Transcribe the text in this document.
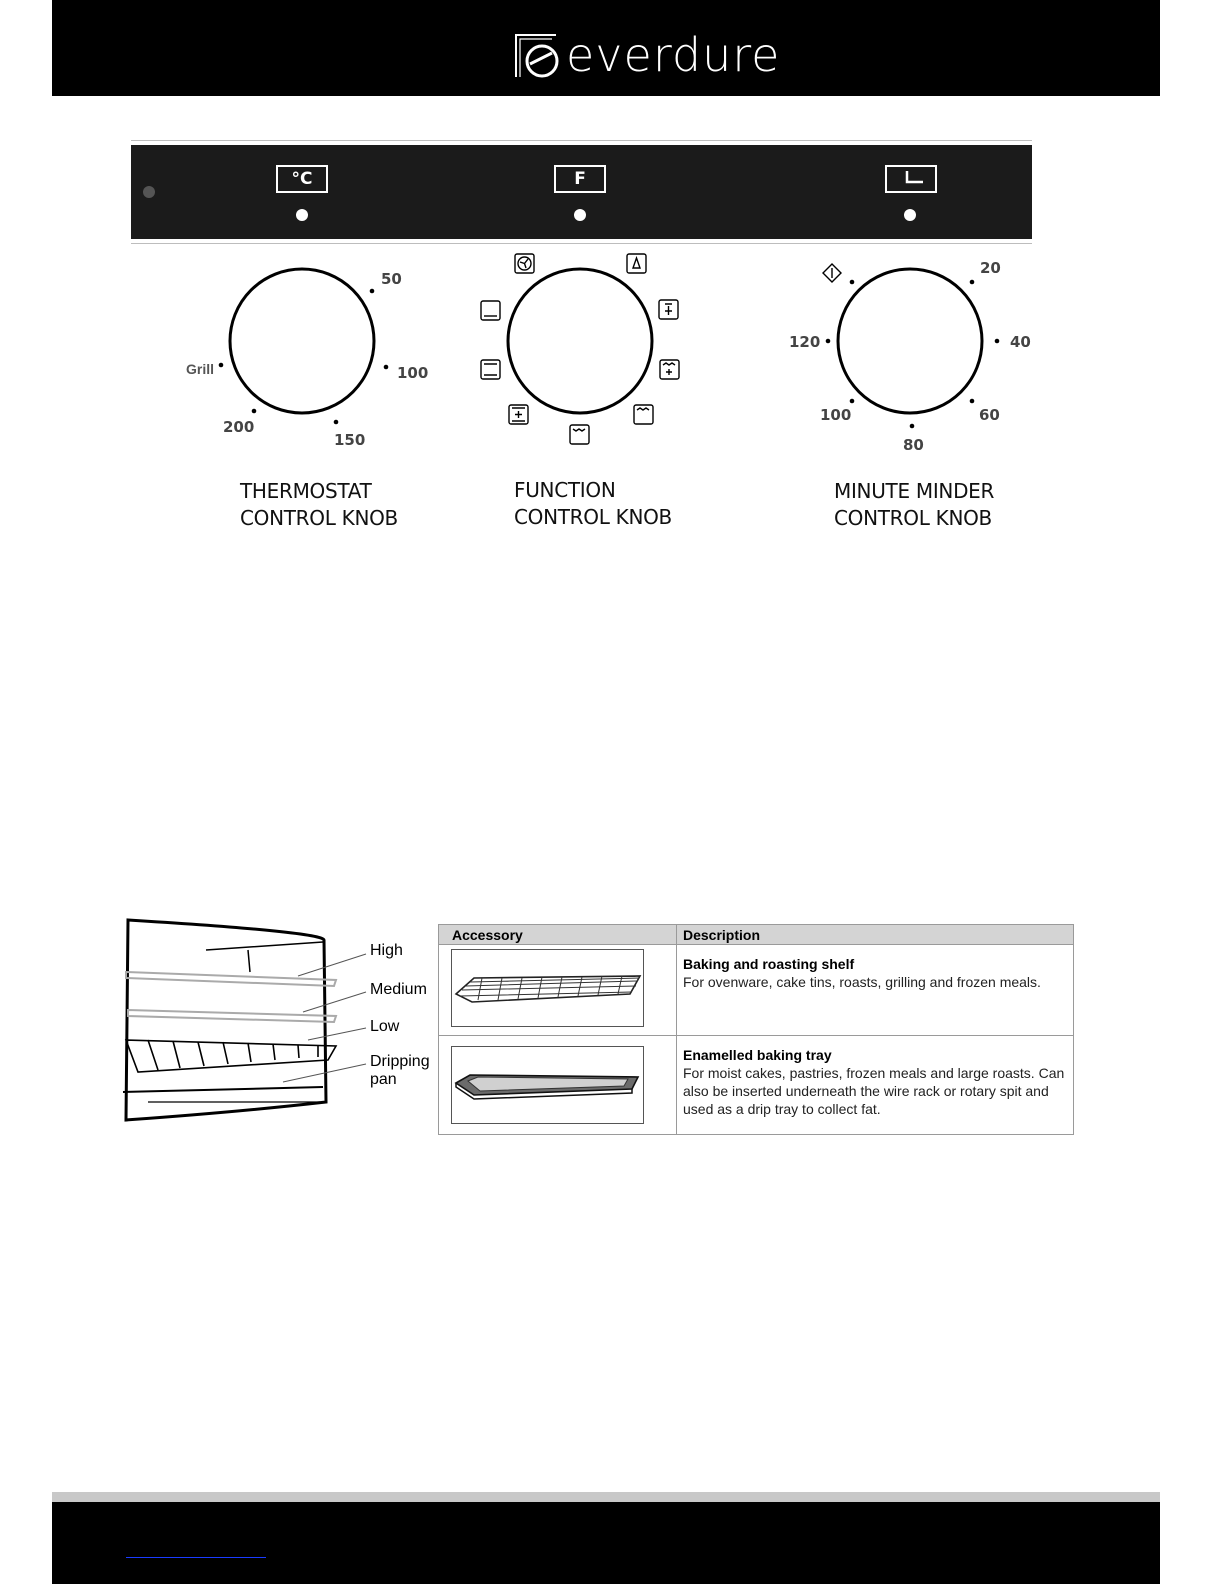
everdure
°C	F
50
100
150
200
Grill
20
40
60
80
100
120
THERMOSTAT
CONTROL KNOB
FUNCTION
CONTROL KNOB
MINUTE MINDER
CONTROL KNOB
High
Medium
Low
Dripping
pan
Accessory	Description

Baking and roasting shelf
For ovenware, cake tins, roasts, grilling and frozen meals.

Enamelled baking tray
For moist cakes, pastries, frozen meals and large roasts. Can also be inserted underneath the wire rack or rotary spit and used as a drip tray to collect fat.
